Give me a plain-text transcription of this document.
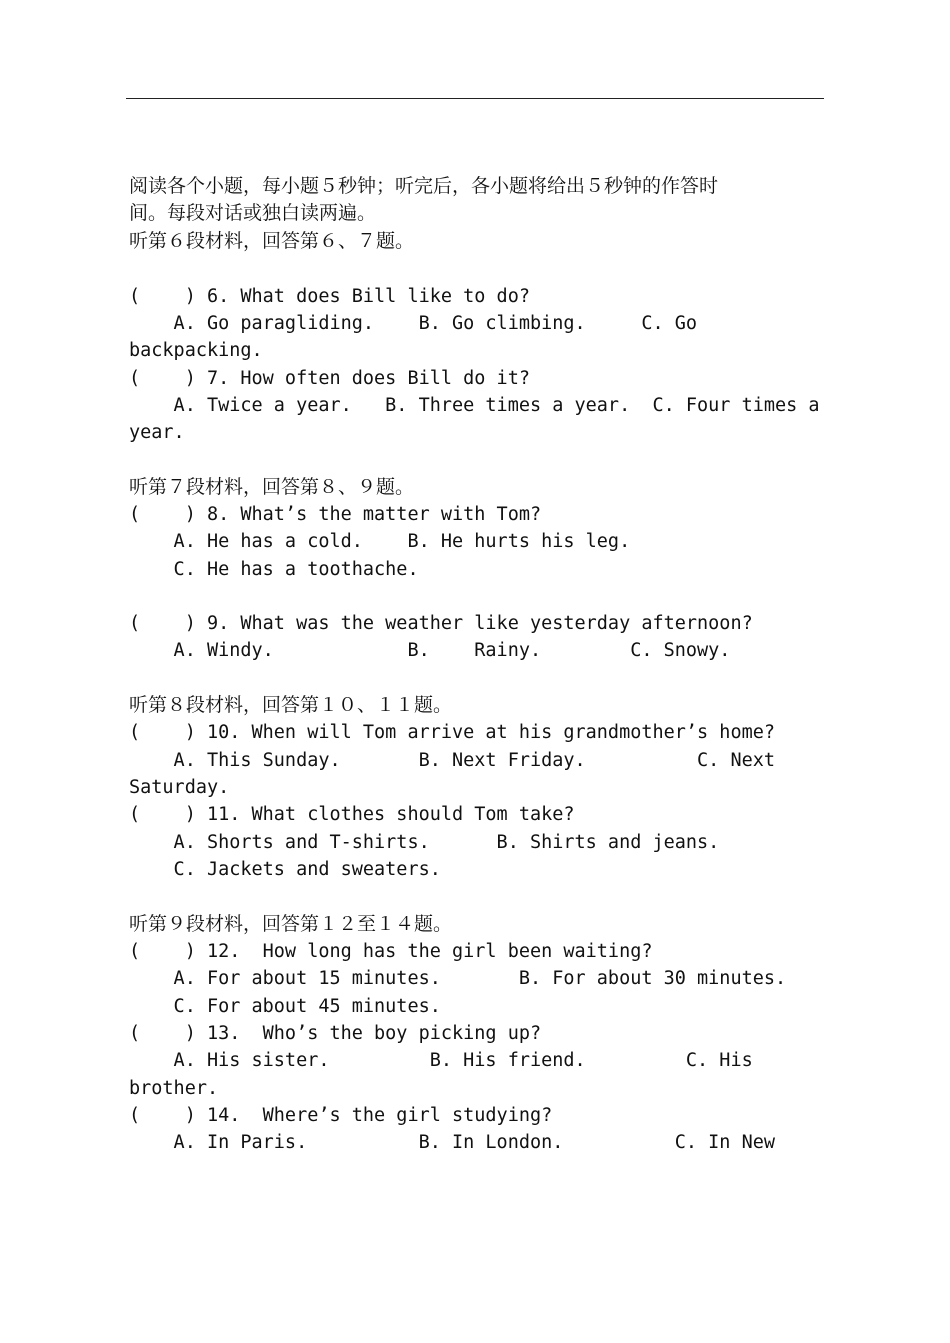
阅读各个小题，每小题５秒钟；听完后，各小题将给出５秒钟的作答时
间。每段对话或独白读两遍。
听第６段材料，回答第６、７题。
(    ) 6. What does Bill like to do?
A. Go paragliding.    B. Go climbing.     C. Go
backpacking.
(    ) 7. How often does Bill do it?
A. Twice a year.   B. Three times a year.  C. Four times a
year.
听第７段材料，回答第８、９题。
(    ) 8. What’s the matter with Tom?
A. He has a cold.    B. He hurts his leg.
C. He has a toothache.
(    ) 9. What was the weather like yesterday afternoon?
A. Windy.            B.    Rainy.        C. Snowy.
听第８段材料，回答第１０、１１题。
(    ) 10. When will Tom arrive at his grandmother’s home?
A. This Sunday.       B. Next Friday.          C. Next
Saturday.
(    ) 11. What clothes should Tom take?
A. Shorts and T-shirts.      B. Shirts and jeans.
C. Jackets and sweaters.
听第９段材料，回答第１２至１４题。
(    ) 12.  How long has the girl been waiting?
A. For about 15 minutes.       B. For about 30 minutes.
C. For about 45 minutes.
(    ) 13.  Who’s the boy picking up?
A. His sister.         B. His friend.         C. His
brother.
(    ) 14.  Where’s the girl studying?
A. In Paris.          B. In London.          C. In New
